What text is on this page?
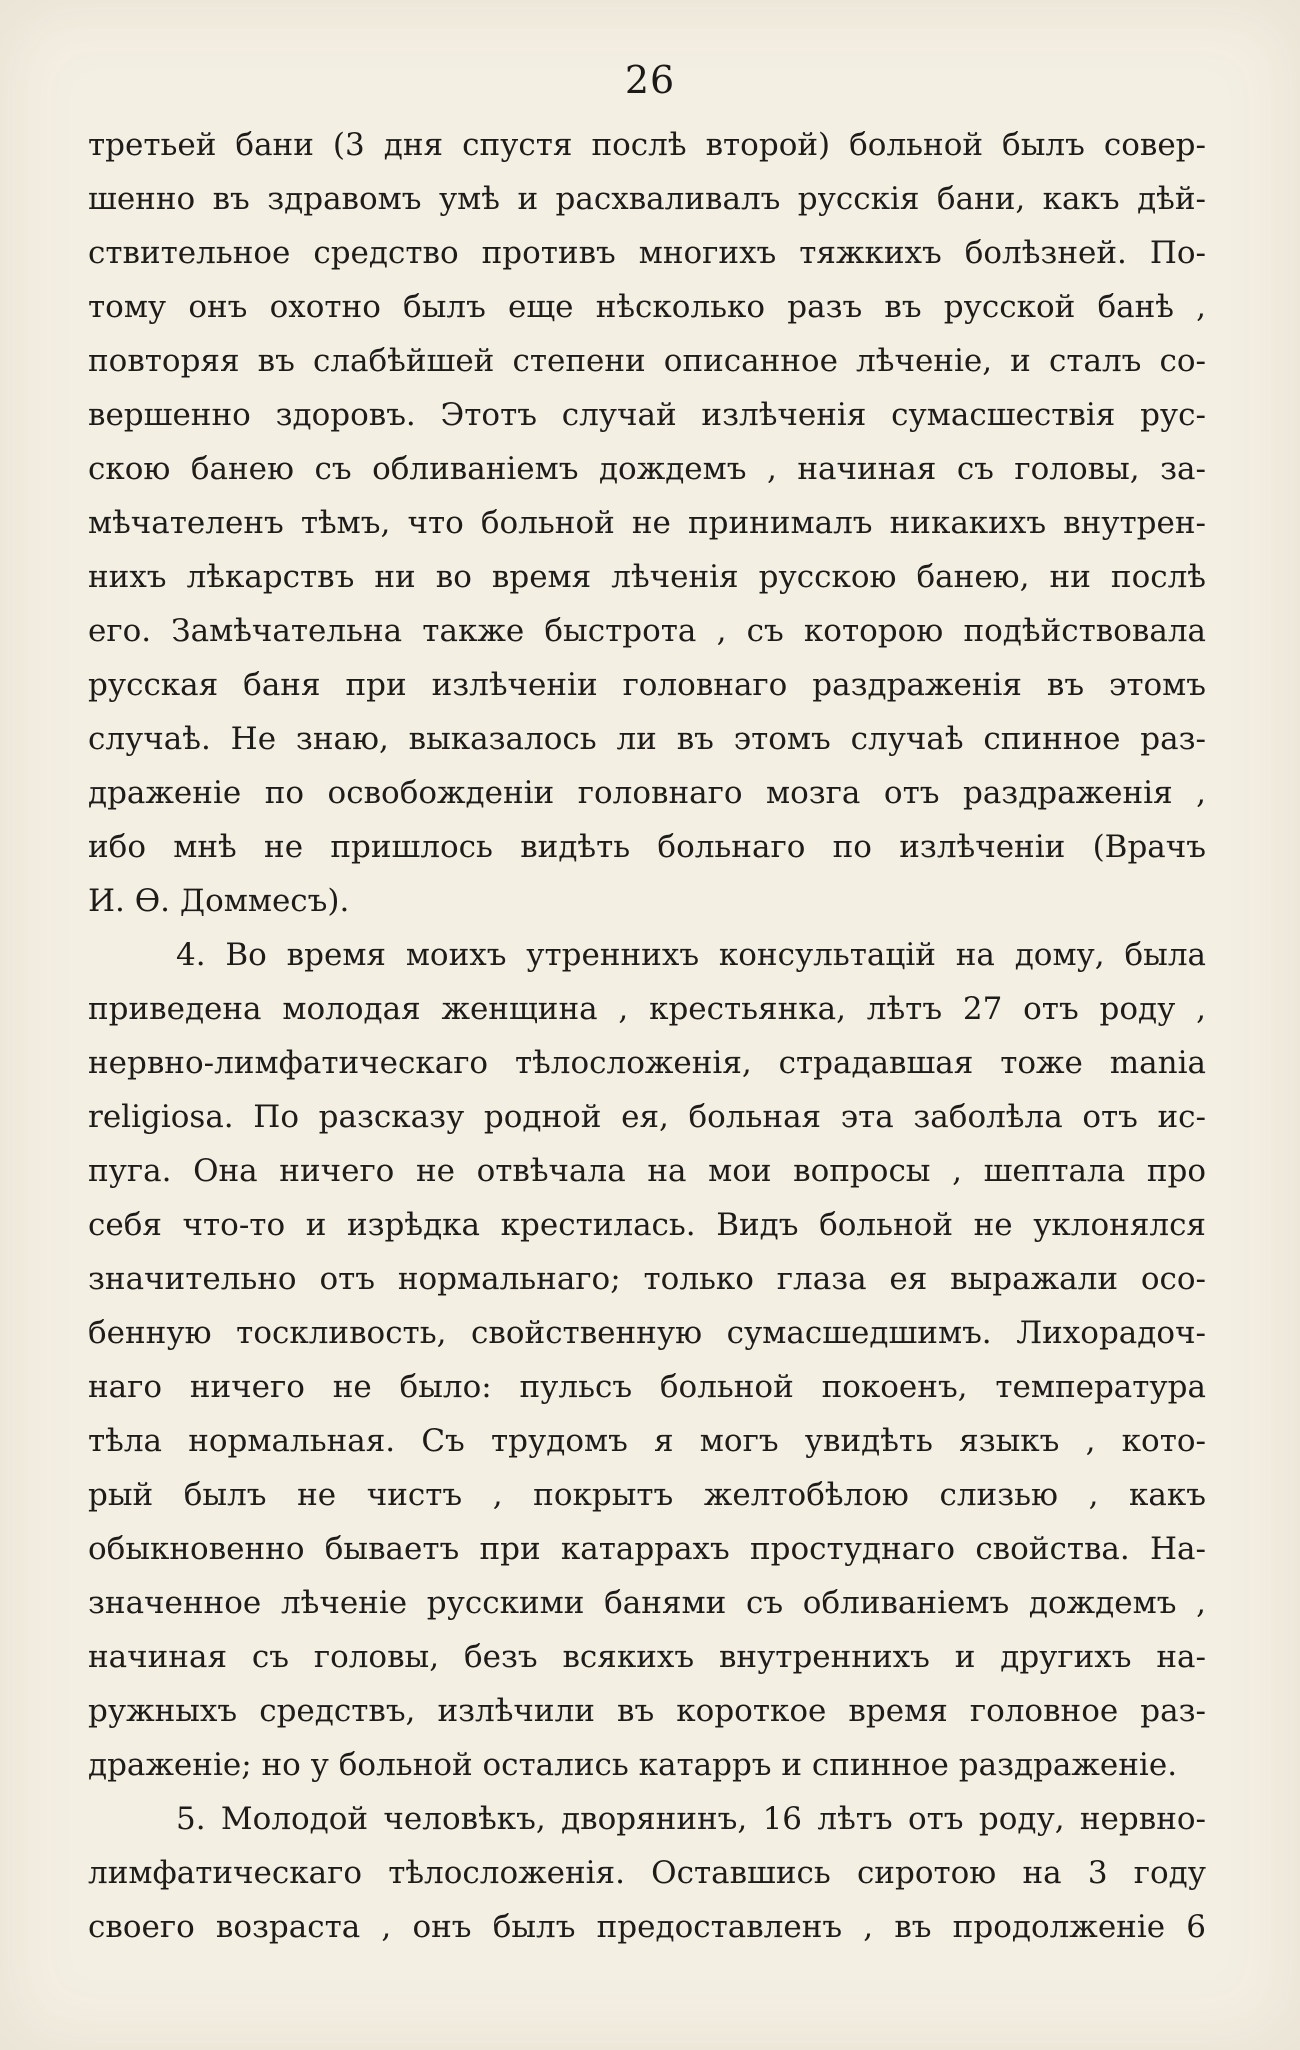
26
третьей бани (3 дня спустя послѣ второй) больной былъ совер-
шенно въ здравомъ умѣ и расхваливалъ русскія бани, какъ дѣй-
ствительное средство противъ многихъ тяжкихъ болѣзней. По-
тому онъ охотно былъ еще нѣсколько разъ въ русской банѣ ,
повторяя въ слабѣйшей степени описанное лѣченіе, и сталъ со-
вершенно здоровъ. Этотъ случай излѣченія сумасшествія рус-
скою банею съ обливаніемъ дождемъ , начиная съ головы, за-
мѣчателенъ тѣмъ, что больной не принималъ никакихъ внутрен-
нихъ лѣкарствъ ни во время лѣченія русскою банею, ни послѣ
его. Замѣчательна также быстрота , съ которою подѣйствовала
русская баня при излѣченіи головнаго раздраженія въ этомъ
случаѣ. Не знаю, выказалось ли въ этомъ случаѣ спинное раз-
драженіе по освобожденіи головнаго мозга отъ раздраженія ,
ибо мнѣ не пришлось видѣть больнаго по излѣченіи (Врачъ
И. Ѳ. Доммесъ).
4. Во время моихъ утреннихъ консультацій на дому, была
приведена молодая женщина , крестьянка, лѣтъ 27 отъ роду ,
нервно-лимфатическаго тѣлосложенія, страдавшая тоже mania
religiosa. По разсказу родной ея, больная эта заболѣла отъ ис-
пуга. Она ничего не отвѣчала на мои вопросы , шептала про
себя что-то и изрѣдка крестилась. Видъ больной не уклонялся
значительно отъ нормальнаго; только глаза ея выражали осо-
бенную тоскливость, свойственную сумасшедшимъ. Лихорадоч-
наго ничего не было: пульсъ больной покоенъ, температура
тѣла нормальная. Съ трудомъ я могъ увидѣть языкъ , кото-
рый былъ не чистъ , покрытъ желтобѣлою слизью , какъ
обыкновенно бываетъ при катаррахъ простуднаго свойства. На-
значенное лѣченіе русскими банями съ обливаніемъ дождемъ ,
начиная съ головы, безъ всякихъ внутреннихъ и другихъ на-
ружныхъ средствъ, излѣчили въ короткое время головное раз-
драженіе; но у больной остались катарръ и спинное раздраженіе.
5. Молодой человѣкъ, дворянинъ, 16 лѣтъ отъ роду, нервно-
лимфатическаго тѣлосложенія. Оставшись сиротою на 3 году
своего возраста , онъ былъ предоставленъ , въ продолженіе 6
